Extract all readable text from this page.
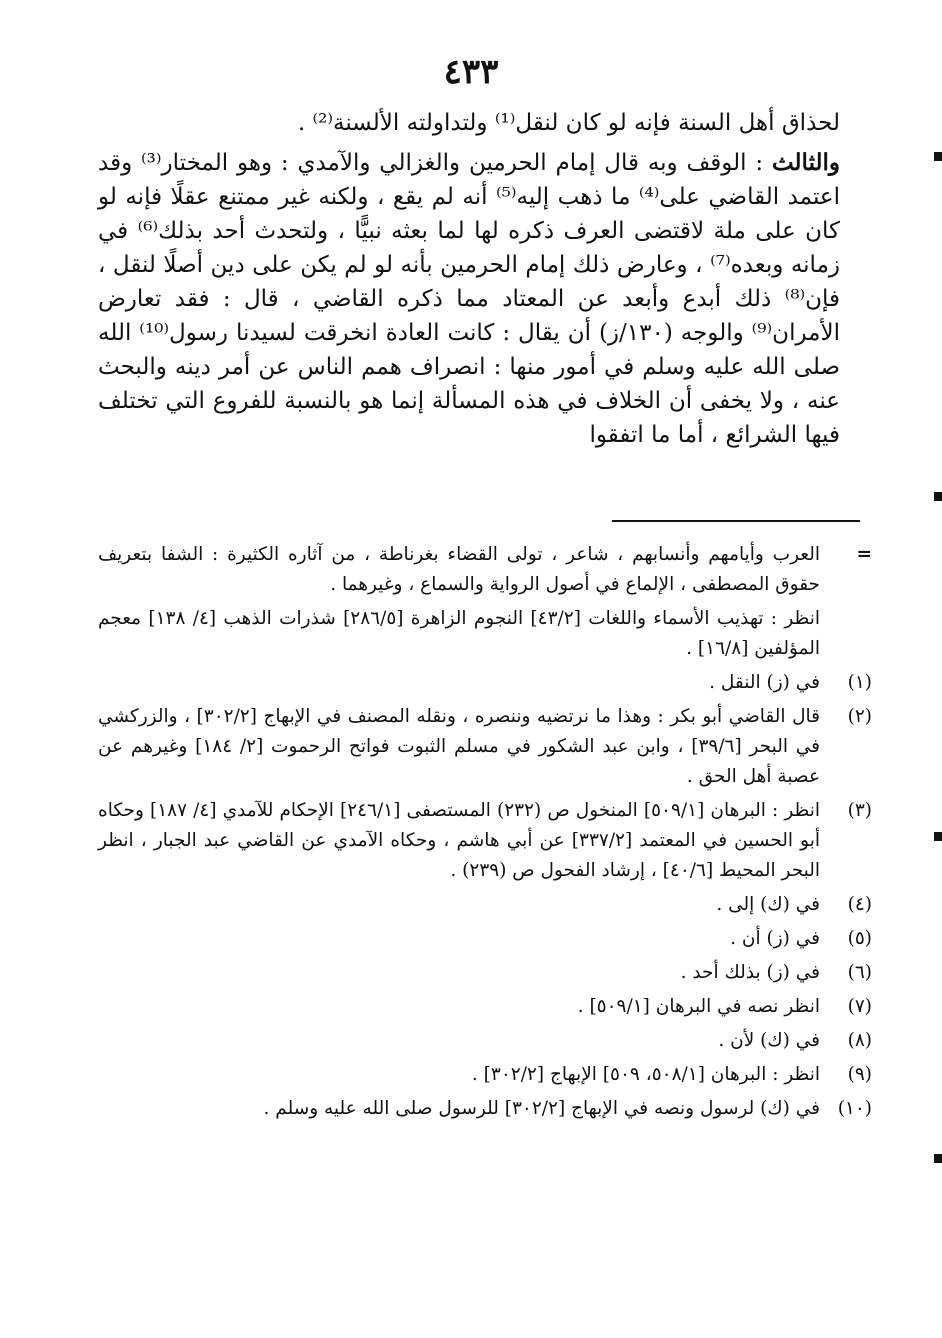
٤٣٣

لحذاق أهل السنة فإنه لو كان لنقل⁽¹⁾ ولتداولته الألسنة⁽²⁾ .

والثالث : الوقف وبه قال إمام الحرمين والغزالي والآمدي : وهو المختار⁽³⁾ وقد اعتمد القاضي على⁽⁴⁾ ما ذهب إليه⁽⁵⁾ أنه لم يقع ، ولكنه غير ممتنع عقلًا فإنه لو كان على ملة لاقتضى العرف ذكره لها لما بعثه نبيًّا ، ولتحدث أحد بذلك⁽⁶⁾ في زمانه وبعده⁽⁷⁾ ، وعارض ذلك إمام الحرمين بأنه لو لم يكن على دين أصلًا لنقل ، فإن⁽⁸⁾ ذلك أبدع وأبعد عن المعتاد مما ذكره القاضي ، قال : فقد تعارض الأمران⁽⁹⁾ والوجه (١٣٠/ز) أن يقال : كانت العادة انخرقت لسيدنا رسول⁽¹⁰⁾ الله صلى الله عليه وسلم في أمور منها : انصراف همم الناس عن أمر دينه والبحث عنه ، ولا يخفى أن الخلاف في هذه المسألة إنما هو بالنسبة للفروع التي تختلف فيها الشرائع ، أما ما اتفقوا

=
العرب وأيامهم وأنسابهم ، شاعر ، تولى القضاء بغرناطة ، من آثاره الكثيرة : الشفا بتعريف حقوق المصطفى ، الإلماع في أصول الرواية والسماع ، وغيرهما .
انظر : تهذيب الأسماء واللغات [٤٣/٢] النجوم الزاهرة [٢٨٦/٥] شذرات الذهب [٤/ ١٣٨] معجم المؤلفين [١٦/٨] .
(١)
في (ز) النقل .
(٢)
قال القاضي أبو بكر : وهذا ما نرتضيه وننصره ، ونقله المصنف في الإبهاج [٣٠٢/٢] ، والزركشي في البحر [٣٩/٦] ، وابن عبد الشكور في مسلم الثبوت فواتح الرحموت [٢/ ١٨٤] وغيرهم عن عصبة أهل الحق .
(٣)
انظر : البرهان [٥٠٩/١] المنخول ص (٢٣٢) المستصفى [٢٤٦/١] الإحكام للآمدي [٤/ ١٨٧] وحكاه أبو الحسين في المعتمد [٣٣٧/٢] عن أبي هاشم ، وحكاه الآمدي عن القاضي عبد الجبار ، انظر البحر المحيط [٤٠/٦] ، إرشاد الفحول ص (٢٣٩) .
(٤)
في (ك) إلى .
(٥)
في (ز) أن .
(٦)
في (ز) بذلك أحد .
(٧)
انظر نصه في البرهان [٥٠٩/١] .
(٨)
في (ك) لأن .
(٩)
انظر : البرهان [٥٠٨/١، ٥٠٩] الإبهاج [٣٠٢/٢] .
(١٠)
في (ك) لرسول ونصه في الإبهاج [٣٠٢/٢] للرسول صلى الله عليه وسلم .
